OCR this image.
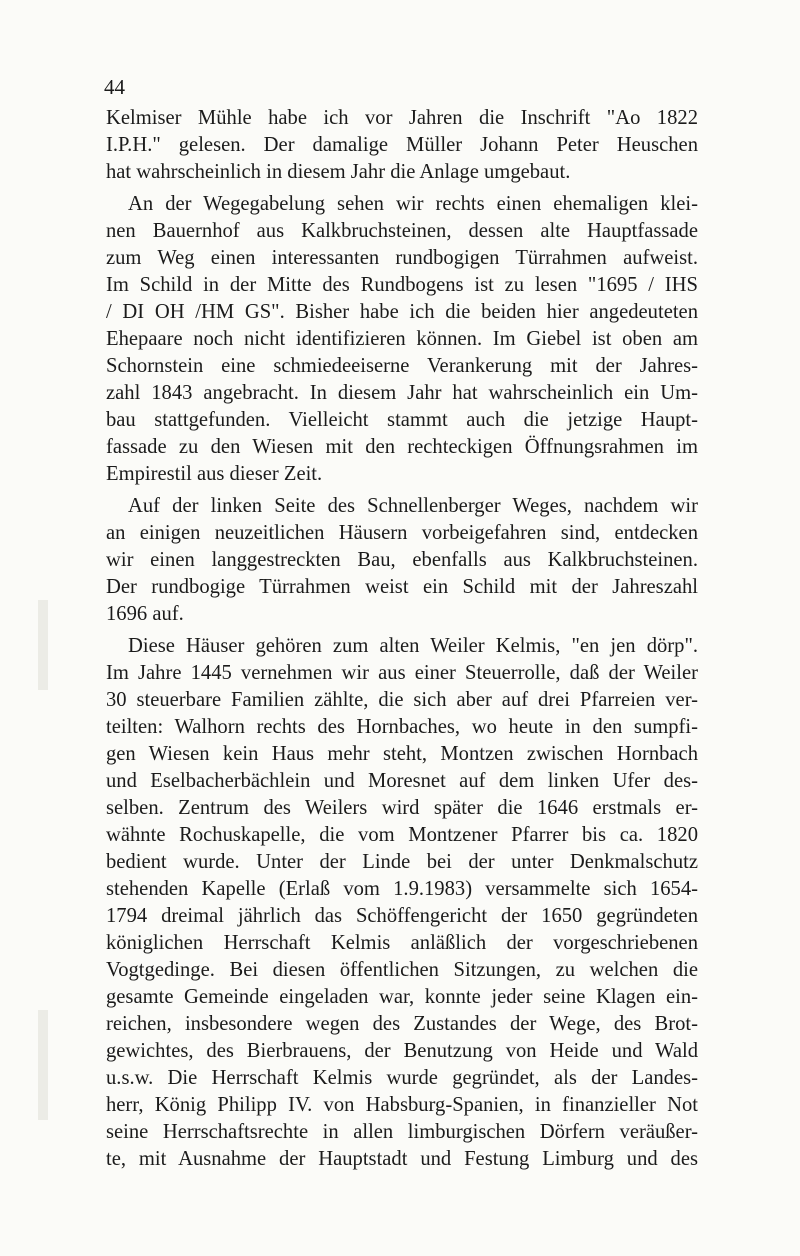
44
Kelmiser Mühle habe ich vor Jahren die Inschrift "Ao 1822
I.P.H." gelesen. Der damalige Müller Johann Peter Heuschen
hat wahrscheinlich in diesem Jahr die Anlage umgebaut.
An der Wegegabelung sehen wir rechts einen ehemaligen klei-
nen Bauernhof aus Kalkbruchsteinen, dessen alte Hauptfassade
zum Weg einen interessanten rundbogigen Türrahmen aufweist.
Im Schild in der Mitte des Rundbogens ist zu lesen "1695 / IHS
/ DI OH /HM GS". Bisher habe ich die beiden hier angedeuteten
Ehepaare noch nicht identifizieren können. Im Giebel ist oben am
Schornstein eine schmiedeeiserne Verankerung mit der Jahres-
zahl 1843 angebracht. In diesem Jahr hat wahrscheinlich ein Um-
bau stattgefunden. Vielleicht stammt auch die jetzige Haupt-
fassade zu den Wiesen mit den rechteckigen Öffnungsrahmen im
Empirestil aus dieser Zeit.
Auf der linken Seite des Schnellenberger Weges, nachdem wir
an einigen neuzeitlichen Häusern vorbeigefahren sind, entdecken
wir einen langgestreckten Bau, ebenfalls aus Kalkbruchsteinen.
Der rundbogige Türrahmen weist ein Schild mit der Jahreszahl
1696 auf.
Diese Häuser gehören zum alten Weiler Kelmis, "en jen dörp".
Im Jahre 1445 vernehmen wir aus einer Steuerrolle, daß der Weiler
30 steuerbare Familien zählte, die sich aber auf drei Pfarreien ver-
teilten: Walhorn rechts des Hornbaches, wo heute in den sumpfi-
gen Wiesen kein Haus mehr steht, Montzen zwischen Hornbach
und Eselbacherbächlein und Moresnet auf dem linken Ufer des-
selben. Zentrum des Weilers wird später die 1646 erstmals er-
wähnte Rochuskapelle, die vom Montzener Pfarrer bis ca. 1820
bedient wurde. Unter der Linde bei der unter Denkmalschutz
stehenden Kapelle (Erlaß vom 1.9.1983) versammelte sich 1654-
1794 dreimal jährlich das Schöffengericht der 1650 gegründeten
königlichen Herrschaft Kelmis anläßlich der vorgeschriebenen
Vogtgedinge. Bei diesen öffentlichen Sitzungen, zu welchen die
gesamte Gemeinde eingeladen war, konnte jeder seine Klagen ein-
reichen, insbesondere wegen des Zustandes der Wege, des Brot-
gewichtes, des Bierbrauens, der Benutzung von Heide und Wald
u.s.w. Die Herrschaft Kelmis wurde gegründet, als der Landes-
herr, König Philipp IV. von Habsburg-Spanien, in finanzieller Not
seine Herrschaftsrechte in allen limburgischen Dörfern veräußer-
te, mit Ausnahme der Hauptstadt und Festung Limburg und des
